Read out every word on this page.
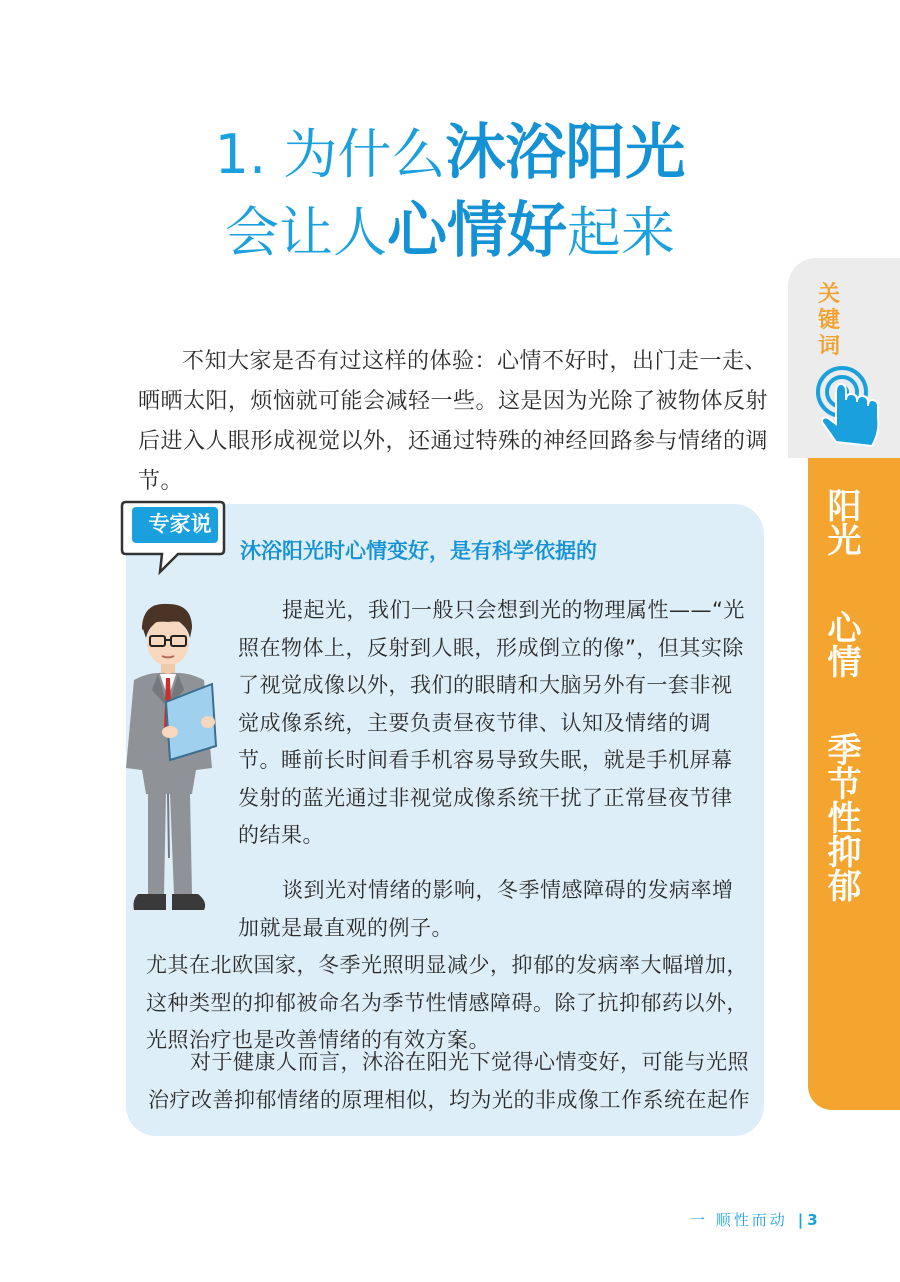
1. 为什么沐浴阳光
会让人心情好起来
关键词
阳光
心情
季节性抑郁

不知大家是否有过这样的体验：心情不好时，出门走一走、晒晒太阳，烦恼就可能会减轻一些。这是因为光除了被物体反射后进入人眼形成视觉以外，还通过特殊的神经回路参与情绪的调节。

专家说

沐浴阳光时心情变好，是有科学依据的

提起光，我们一般只会想到光的物理属性——“光照在物体上，反射到人眼，形成倒立的像”，但其实除了视觉成像以外，我们的眼睛和大脑另外有一套非视觉成像系统，主要负责昼夜节律、认知及情绪的调节。睡前长时间看手机容易导致失眠，就是手机屏幕发射的蓝光通过非视觉成像系统干扰了正常昼夜节律的结果。

谈到光对情绪的影响，冬季情感障碍的发病率增加就是最直观的例子。
尤其在北欧国家，冬季光照明显减少，抑郁的发病率大幅增加，这种类型的抑郁被命名为季节性情感障碍。除了抗抑郁药以外，光照治疗也是改善情绪的有效方案。

对于健康人而言，沐浴在阳光下觉得心情变好，可能与光照治疗改善抑郁情绪的原理相似，均为光的非成像工作系统在起作

一 顺性而动 | 3
